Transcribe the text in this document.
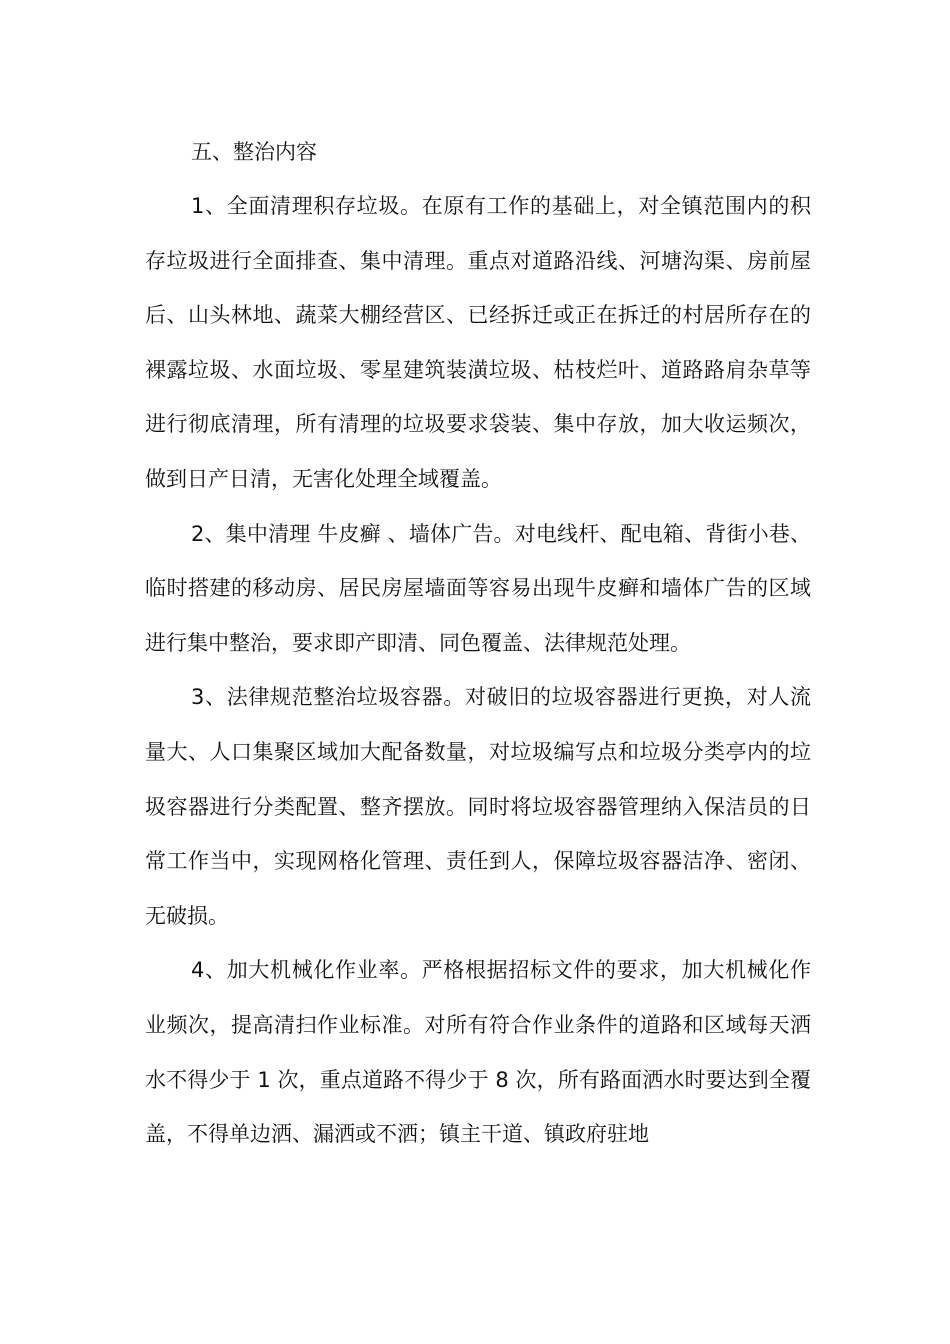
五、整治内容

1、全面清理积存垃圾。在原有工作的基础上，对全镇范围内的积存垃圾进行全面排查、集中清理。重点对道路沿线、河塘沟渠、房前屋后、山头林地、蔬菜大棚经营区、已经拆迁或正在拆迁的村居所存在的裸露垃圾、水面垃圾、零星建筑装潢垃圾、枯枝烂叶、道路路肩杂草等进行彻底清理，所有清理的垃圾要求袋装、集中存放，加大收运频次，做到日产日清，无害化处理全域覆盖。

2、集中清理 牛皮癣 、墙体广告。对电线杆、配电箱、背街小巷、临时搭建的移动房、居民房屋墙面等容易出现牛皮癣和墙体广告的区域进行集中整治，要求即产即清、同色覆盖、法律规范处理。

3、法律规范整治垃圾容器。对破旧的垃圾容器进行更换，对人流量大、人口集聚区域加大配备数量，对垃圾编写点和垃圾分类亭内的垃圾容器进行分类配置、整齐摆放。同时将垃圾容器管理纳入保洁员的日常工作当中，实现网格化管理、责任到人，保障垃圾容器洁净、密闭、无破损。

4、加大机械化作业率。严格根据招标文件的要求，加大机械化作业频次，提高清扫作业标准。对所有符合作业条件的道路和区域每天洒水不得少于 1 次，重点道路不得少于 8 次，所有路面洒水时要达到全覆盖，不得单边洒、漏洒或不洒；镇主干道、镇政府驻地
